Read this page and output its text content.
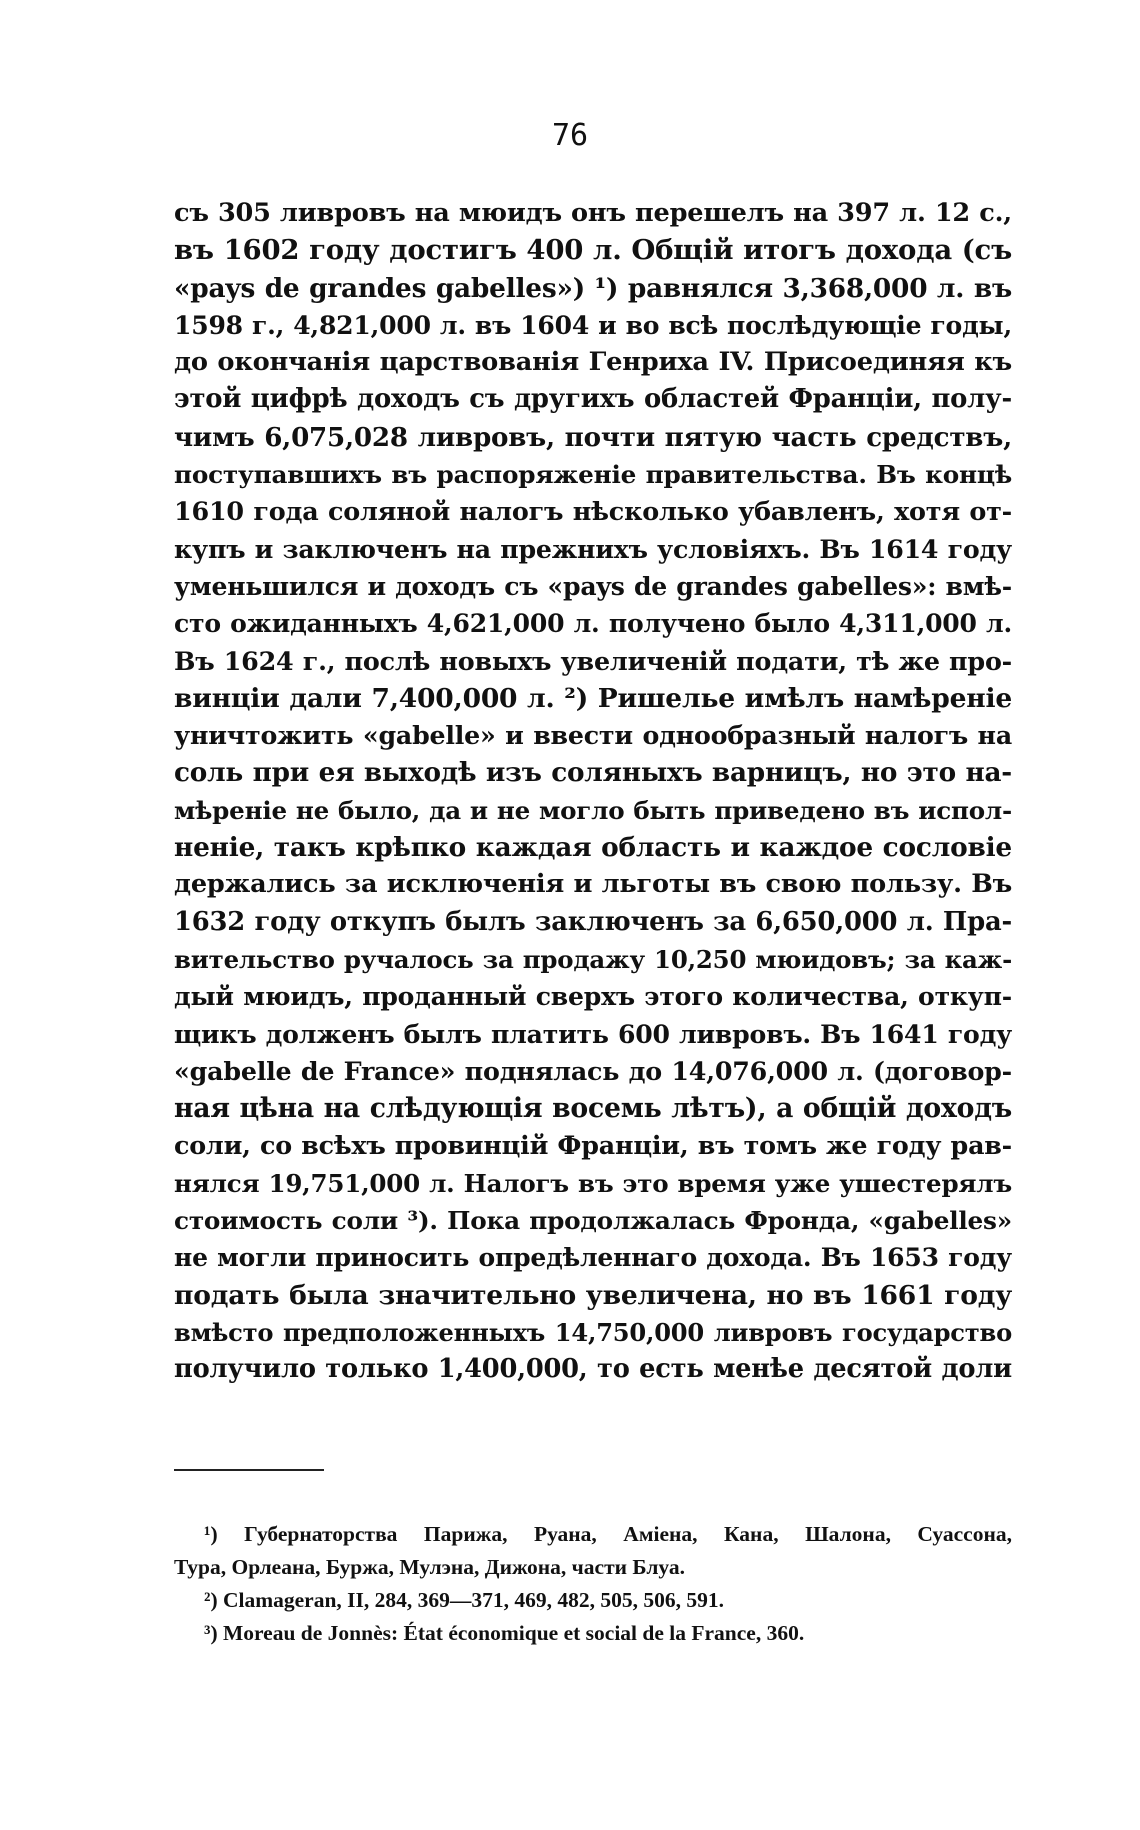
76
съ 305 ливровъ на мюидъ онъ перешелъ на 397 л. 12 с.,
въ 1602 году достигъ 400 л. Общій итогъ дохода (съ
«pays de grandes gabelles») ¹) равнялся 3,368,000 л. въ
1598 г., 4,821,000 л. въ 1604 и во всѣ послѣдующіе годы,
до окончанія царствованія Генриха IV. Присоединяя къ
этой цифрѣ доходъ съ другихъ областей Франціи, полу-
чимъ 6,075,028 ливровъ, почти пятую часть средствъ,
поступавшихъ въ распоряженіе правительства. Въ концѣ
1610 года соляной налогъ нѣсколько убавленъ, хотя от-
купъ и заключенъ на прежнихъ условіяхъ. Въ 1614 году
уменьшился и доходъ съ «pays de grandes gabelles»: вмѣ-
сто ожиданныхъ 4,621,000 л. получено было 4,311,000 л.
Въ 1624 г., послѣ новыхъ увеличеній подати, тѣ же про-
винціи дали 7,400,000 л. ²) Ришелье имѣлъ намѣреніе
уничтожить «gabelle» и ввести однообразный налогъ на
соль при ея выходѣ изъ соляныхъ варницъ, но это на-
мѣреніе не было, да и не могло быть приведено въ испол-
неніе, такъ крѣпко каждая область и каждое сословіе
держались за исключенія и льготы въ свою пользу. Въ
1632 году откупъ былъ заключенъ за 6,650,000 л. Пра-
вительство ручалось за продажу 10,250 мюидовъ; за каж-
дый мюидъ, проданный сверхъ этого количества, откуп-
щикъ долженъ былъ платить 600 ливровъ. Въ 1641 году
«gabelle de France» поднялась до 14,076,000 л. (договор-
ная цѣна на слѣдующія восемь лѣтъ), а общій доходъ
соли, со всѣхъ провинцій Франціи, въ томъ же году рав-
нялся 19,751,000 л. Налогъ въ это время уже ушестерялъ
стоимость соли ³). Пока продолжалась Фронда, «gabelles»
не могли приносить опредѣленнаго дохода. Въ 1653 году
подать была значительно увеличена, но въ 1661 году
вмѣсто предположенныхъ 14,750,000 ливровъ государство
получило только 1,400,000, то есть менѣе десятой доли
¹) Губернаторства Парижа, Руана, Аміена, Кана, Шалона, Суассона,
Тура, Орлеана, Буржа, Мулэна, Дижона, части Блуа.
²) Clamageran, II, 284, 369—371, 469, 482, 505, 506, 591.
³) Moreau de Jonnès: État économique et social de la France, 360.
